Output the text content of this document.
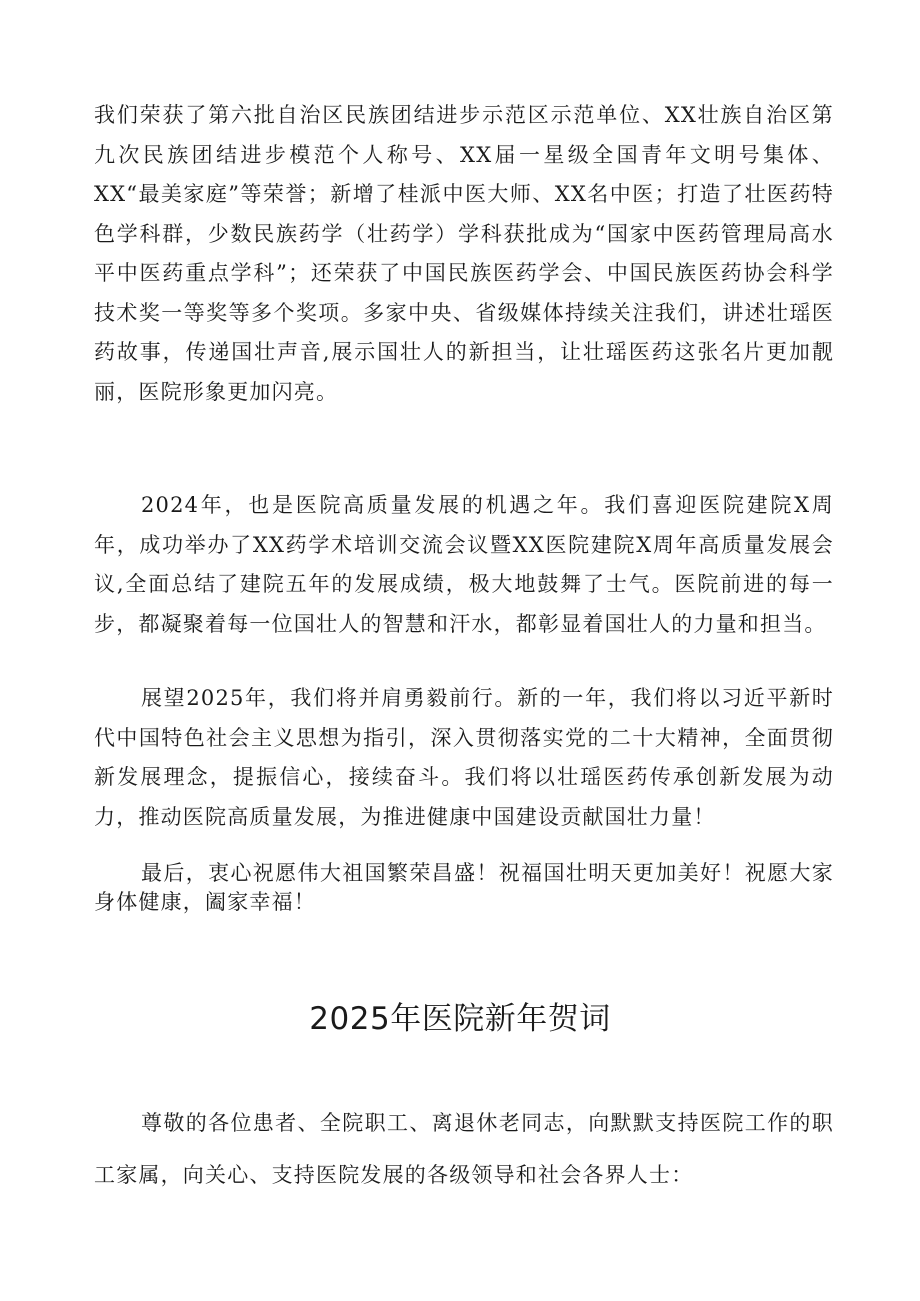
我们荣获了第六批自治区民族团结进步示范区示范单位、XX壮族自治区第九次民族团结进步模范个人称号、XX届一星级全国青年文明号集体、XX“最美家庭”等荣誉；新增了桂派中医大师、XX名中医；打造了壮医药特色学科群，少数民族药学（壮药学）学科获批成为“国家中医药管理局高水平中医药重点学科”；还荣获了中国民族医药学会、中国民族医药协会科学技术奖一等奖等多个奖项。多家中央、省级媒体持续关注我们，讲述壮瑶医药故事，传递国壮声音,展示国壮人的新担当，让壮瑶医药这张名片更加靓丽，医院形象更加闪亮。

2024年，也是医院高质量发展的机遇之年。我们喜迎医院建院X周年，成功举办了XX药学术培训交流会议暨XX医院建院X周年高质量发展会议,全面总结了建院五年的发展成绩，极大地鼓舞了士气。医院前进的每一步，都凝聚着每一位国壮人的智慧和汗水，都彰显着国壮人的力量和担当。

展望2025年，我们将并肩勇毅前行。新的一年，我们将以习近平新时代中国特色社会主义思想为指引，深入贯彻落实党的二十大精神，全面贯彻新发展理念，提振信心，接续奋斗。我们将以壮瑶医药传承创新发展为动力，推动医院高质量发展，为推进健康中国建设贡献国壮力量！

最后，衷心祝愿伟大祖国繁荣昌盛！祝福国壮明天更加美好！祝愿大家身体健康，阖家幸福！

2025年医院新年贺词

尊敬的各位患者、全院职工、离退休老同志，向默默支持医院工作的职工家属，向关心、支持医院发展的各级领导和社会各界人士：
